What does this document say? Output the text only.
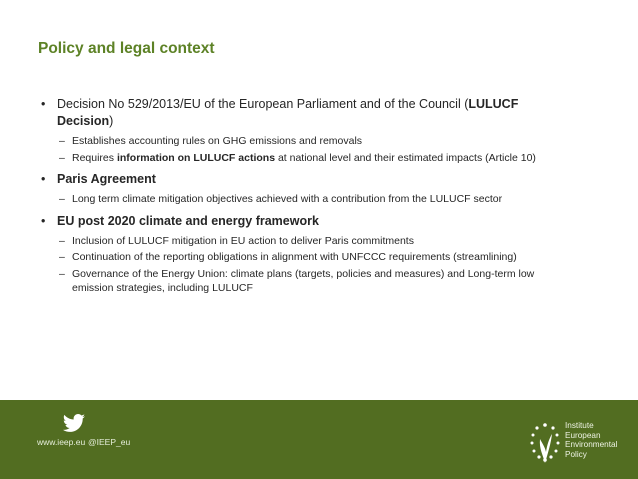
Policy and legal context
• Decision No 529/2013/EU of the European Parliament and of the Council (LULUCF Decision)
– Establishes accounting rules on GHG emissions and removals
– Requires information on LULUCF actions at national level and their estimated impacts (Article 10)
• Paris Agreement
– Long term climate mitigation objectives achieved with a contribution from the LULUCF sector
• EU post 2020 climate and energy framework
– Inclusion of LULUCF mitigation in EU action to deliver Paris commitments
– Continuation of the reporting obligations in alignment with UNFCCC requirements (streamlining)
– Governance of the Energy Union: climate plans (targets, policies and measures) and Long-term low emission strategies, including LULUCF
www.ieep.eu @IEEP_eu
Institute
European
Environmental
Policy
